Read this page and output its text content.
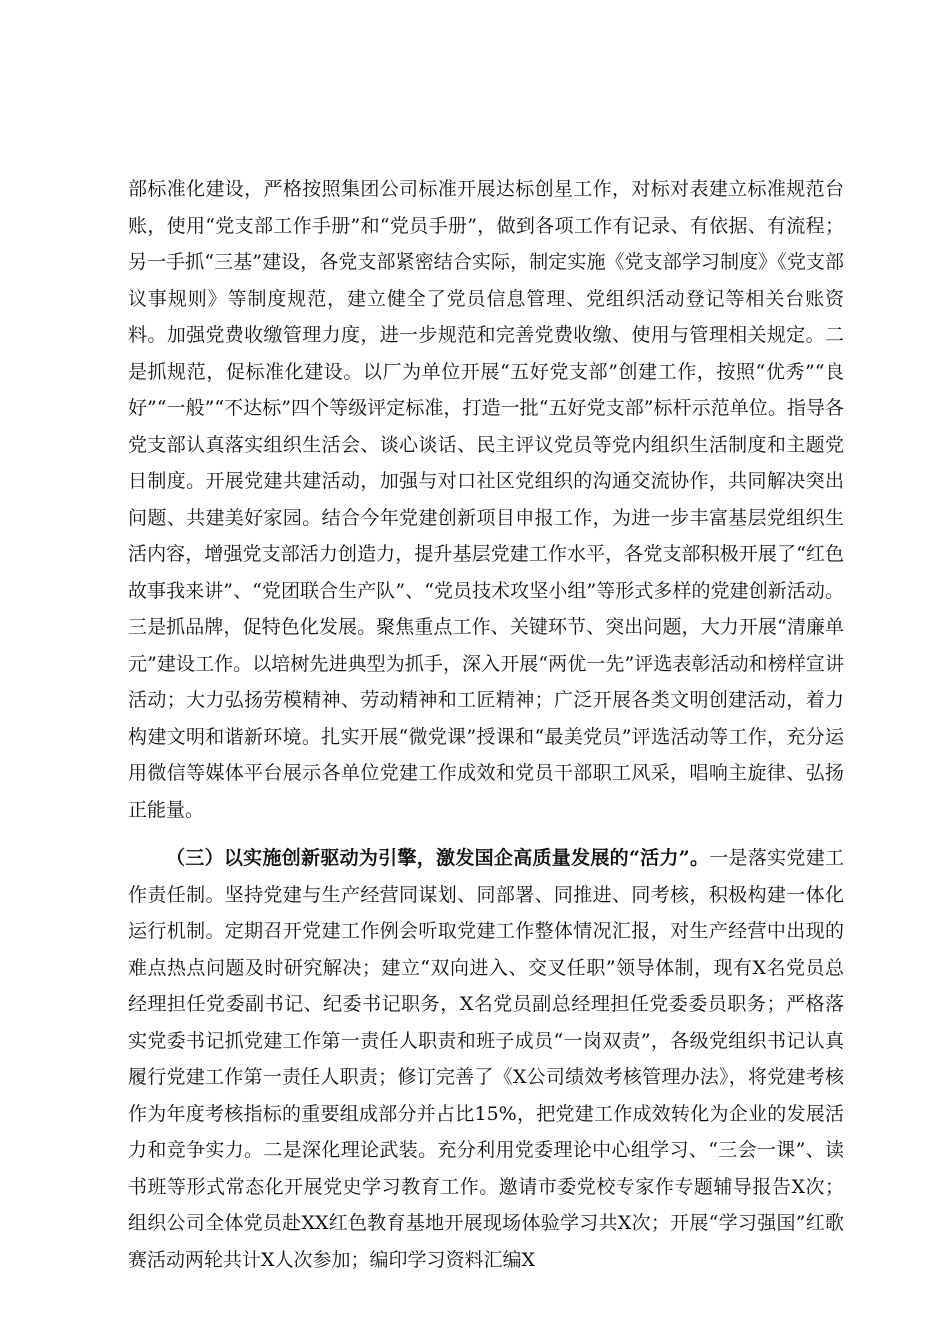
部标准化建设，严格按照集团公司标准开展达标创星工作，对标对表建立标准规范台账，使用“党支部工作手册”和“党员手册”，做到各项工作有记录、有依据、有流程；另一手抓“三基”建设，各党支部紧密结合实际，制定实施《党支部学习制度》《党支部议事规则》等制度规范，建立健全了党员信息管理、党组织活动登记等相关台账资料。加强党费收缴管理力度，进一步规范和完善党费收缴、使用与管理相关规定。二是抓规范，促标准化建设。以厂为单位开展“五好党支部”创建工作，按照“优秀”“良好”“一般”“不达标”四个等级评定标准，打造一批“五好党支部”标杆示范单位。指导各党支部认真落实组织生活会、谈心谈话、民主评议党员等党内组织生活制度和主题党日制度。开展党建共建活动，加强与对口社区党组织的沟通交流协作，共同解决突出问题、共建美好家园。结合今年党建创新项目申报工作，为进一步丰富基层党组织生活内容，增强党支部活力创造力，提升基层党建工作水平，各党支部积极开展了“红色故事我来讲”、“党团联合生产队”、“党员技术攻坚小组”等形式多样的党建创新活动。三是抓品牌，促特色化发展。聚焦重点工作、关键环节、突出问题，大力开展“清廉单元”建设工作。以培树先进典型为抓手，深入开展“两优一先”评选表彰活动和榜样宣讲活动；大力弘扬劳模精神、劳动精神和工匠精神；广泛开展各类文明创建活动，着力构建文明和谐新环境。扎实开展“微党课”授课和“最美党员”评选活动等工作，充分运用微信等媒体平台展示各单位党建工作成效和党员干部职工风采，唱响主旋律、弘扬正能量。

（三）以实施创新驱动为引擎，激发国企高质量发展的“活力”。一是落实党建工作责任制。坚持党建与生产经营同谋划、同部署、同推进、同考核，积极构建一体化运行机制。定期召开党建工作例会听取党建工作整体情况汇报，对生产经营中出现的难点热点问题及时研究解决；建立“双向进入、交叉任职”领导体制，现有X名党员总经理担任党委副书记、纪委书记职务，X名党员副总经理担任党委委员职务；严格落实党委书记抓党建工作第一责任人职责和班子成员“一岗双责”，各级党组织书记认真履行党建工作第一责任人职责；修订完善了《X公司绩效考核管理办法》，将党建考核作为年度考核指标的重要组成部分并占比15%，把党建工作成效转化为企业的发展活力和竞争实力。二是深化理论武装。充分利用党委理论中心组学习、“三会一课”、读书班等形式常态化开展党史学习教育工作。邀请市委党校专家作专题辅导报告X次；组织公司全体党员赴XX红色教育基地开展现场体验学习共X次；开展“学习强国”红歌赛活动两轮共计X人次参加；编印学习资料汇编X
